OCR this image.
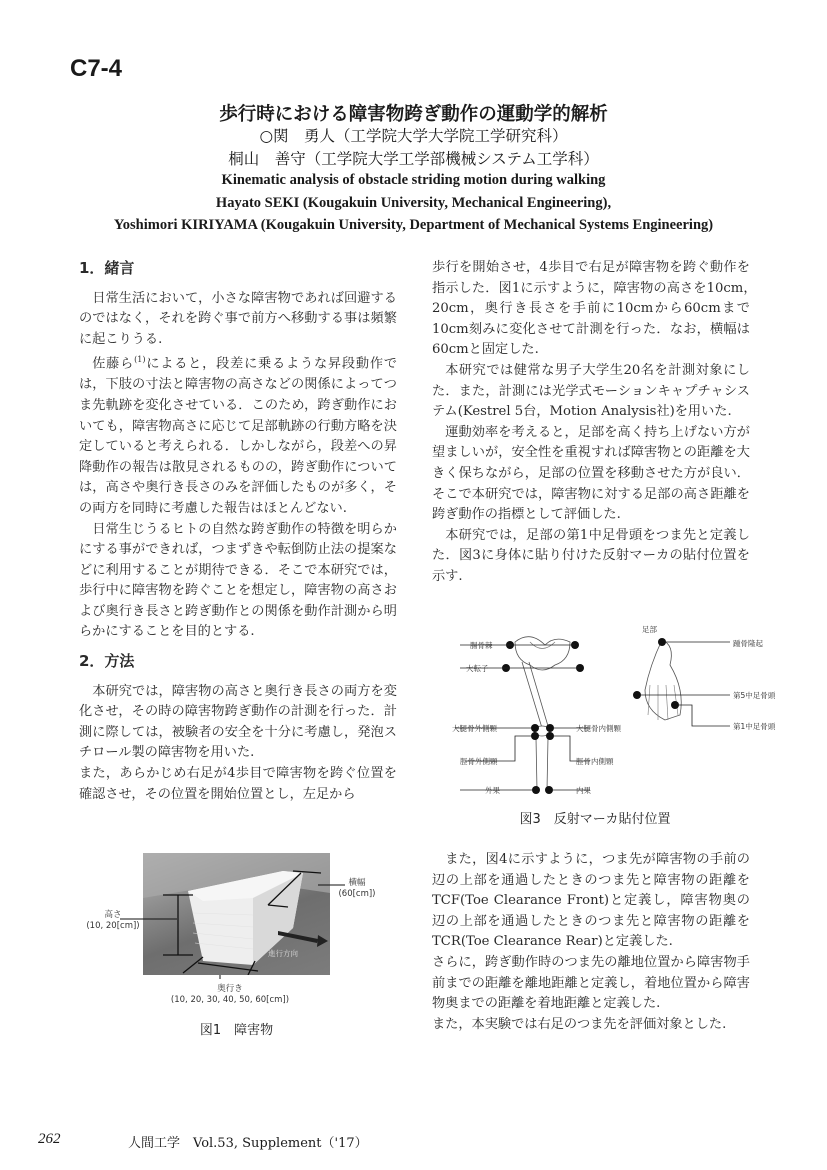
C7-4
歩行時における障害物跨ぎ動作の運動学的解析
○関　勇人（工学院大学大学院工学研究科）
桐山　善守（工学院大学工学部機械システム工学科）
Kinematic analysis of obstacle striding motion during walking
Hayato SEKI (Kougakuin University, Mechanical Engineering),
Yoshimori KIRIYAMA (Kougakuin University, Department of Mechanical Systems Engineering)
1．緒言

日常生活において，小さな障害物であれば回避するのではなく，それを跨ぐ事で前方へ移動する事は頻繁に起こりうる.

佐藤ら$^{(1)}$によると，段差に乗るような昇段動作では，下肢の寸法と障害物の高さなどの関係によってつま先軌跡を変化させている．このため，跨ぎ動作においても，障害物高さに応じて足部軌跡の行動方略を決定していると考えられる．しかしながら，段差への昇降動作の報告は散見されるものの，跨ぎ動作については，高さや奥行き長さのみを評価したものが多く，その両方を同時に考慮した報告はほとんどない.

日常生じうるヒトの自然な跨ぎ動作の特徴を明らかにする事ができれば，つまずきや転倒防止法の提案などに利用することが期待できる．そこで本研究では，歩行中に障害物を跨ぐことを想定し，障害物の高さおよび奥行き長さと跨ぎ動作との関係を動作計測から明らかにすることを目的とする.

2．方法

本研究では，障害物の高さと奥行き長さの両方を変化させ，その時の障害物跨ぎ動作の計測を行った．計測に際しては，被験者の安全を十分に考慮し，発泡スチロール製の障害物を用いた.

また，あらかじめ右足が4歩目で障害物を跨ぐ位置を確認させ，その位置を開始位置とし，左足から

進行方向
高さ
(10, 20[cm])
横幅
(60[cm])
奥行き
(10, 20, 30, 40, 50, 60[cm])
図1　障害物

歩行を開始させ，4歩目で右足が障害物を跨ぐ動作を指示した．図1に示すように，障害物の高さを10cm，　20cm，奥行き長さを手前に10cmから60cmまで10cm刻みに変化させて計測を行った．なお，横幅は60cmと固定した.

本研究では健常な男子大学生20名を計測対象にした．また，計測には光学式モーションキャプチャシステム(Kestrel 5台，Motion Analysis社)を用いた.

運動効率を考えると，足部を高く持ち上げない方が望ましいが，安全性を重視すれば障害物との距離を大きく保ちながら，足部の位置を移動させた方が良い．そこで本研究では，障害物に対する足部の高さ距離を跨ぎ動作の指標として評価した.

本研究では，足部の第1中足骨頭をつま先と定義した．図3に身体に貼り付けた反射マーカの貼付位置を示す.

腸骨棘
大転子
大腿骨外側顆	大腿骨内側顆
脛骨外側顆	脛骨内側顆
外果	内果
足部
踵骨隆起
第5中足骨頭
第1中足骨頭
図3　反射マーカ貼付位置

また，図4に示すように，つま先が障害物の手前の辺の上部を通過したときのつま先と障害物の距離をTCF(Toe Clearance Front)と定義し，障害物奥の辺の上部を通過したときのつま先と障害物の距離をTCR(Toe Clearance Rear)と定義した.

さらに，跨ぎ動作時のつま先の離地位置から障害物手前までの距離を離地距離と定義し，着地位置から障害物奥までの距離を着地距離と定義した.

また，本実験では右足のつま先を評価対象とした.

262	人間工学　Vol.53, Supplement（'17）
